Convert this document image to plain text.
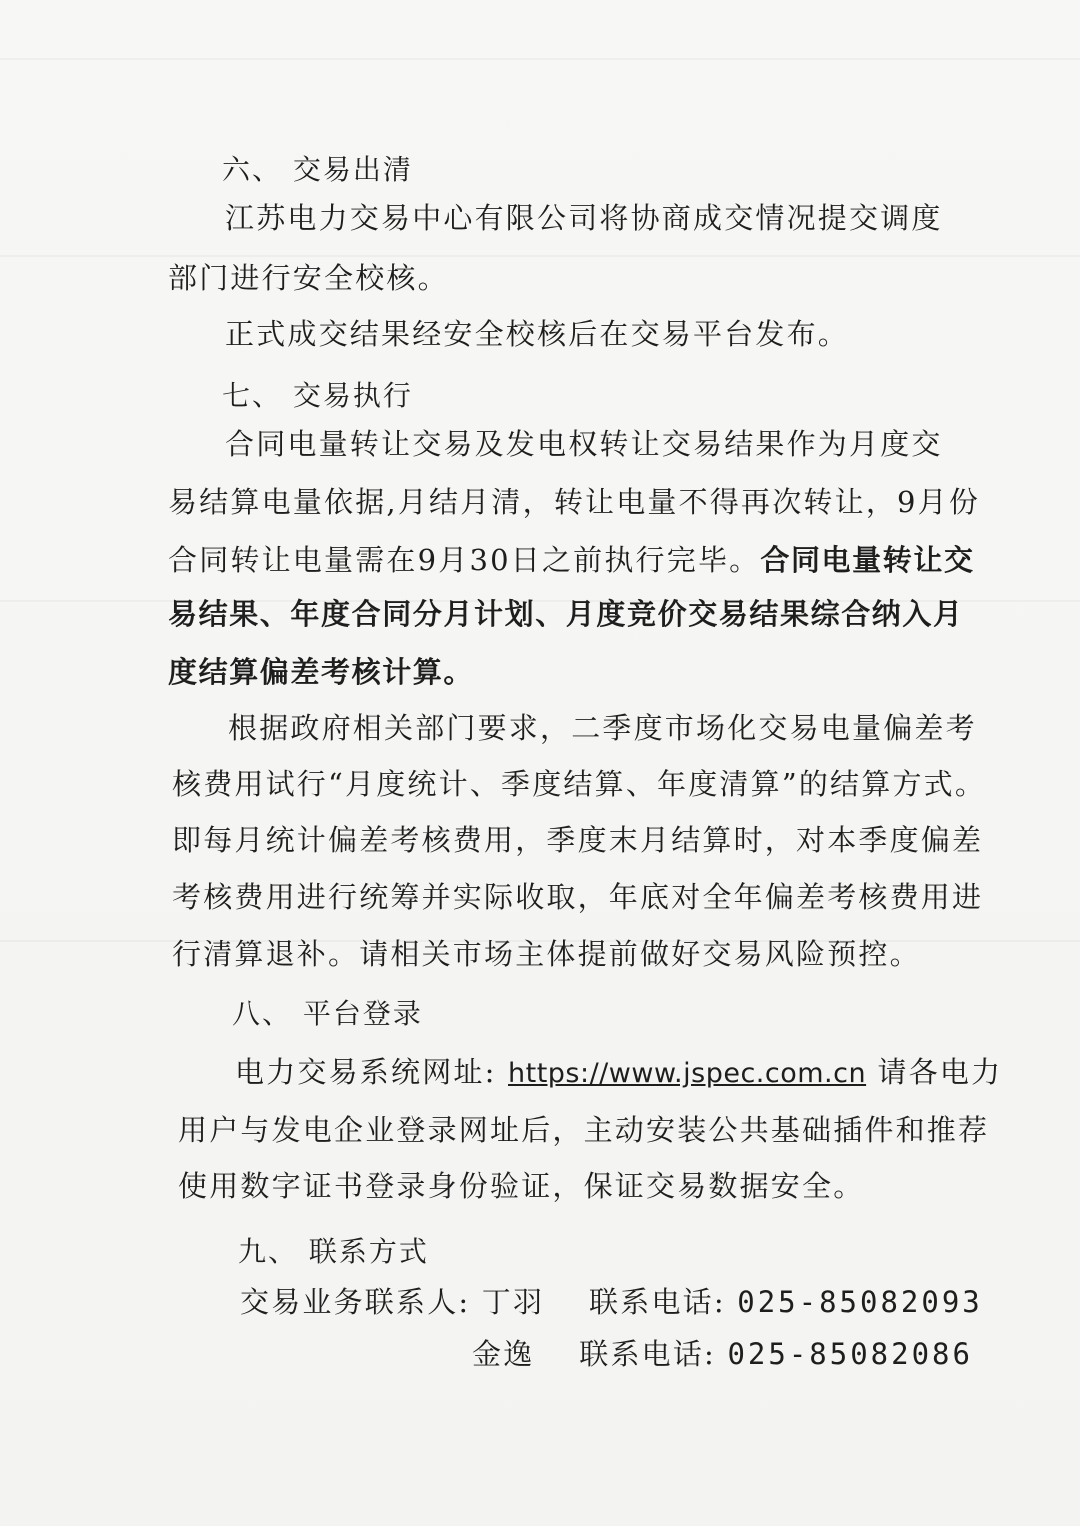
六、 交易出清
江苏电力交易中心有限公司将协商成交情况提交调度
部门进行安全校核。
正式成交结果经安全校核后在交易平台发布。
七、 交易执行
合同电量转让交易及发电权转让交易结果作为月度交
易结算电量依据,月结月清，转让电量不得再次转让，9月份
合同转让电量需在9月30日之前执行完毕。合同电量转让交
易结果、年度合同分月计划、月度竞价交易结果综合纳入月
度结算偏差考核计算。
根据政府相关部门要求，二季度市场化交易电量偏差考
核费用试行“月度统计、季度结算、年度清算”的结算方式。
即每月统计偏差考核费用，季度末月结算时，对本季度偏差
考核费用进行统筹并实际收取，年底对全年偏差考核费用进
行清算退补。请相关市场主体提前做好交易风险预控。
八、 平台登录
电力交易系统网址: https://www.jspec.com.cn 请各电力
用户与发电企业登录网址后，主动安装公共基础插件和推荐
使用数字证书登录身份验证，保证交易数据安全。
九、 联系方式
交易业务联系人: 丁羽 联系电话: 025-85082093
金逸 联系电话: 025-85082086
